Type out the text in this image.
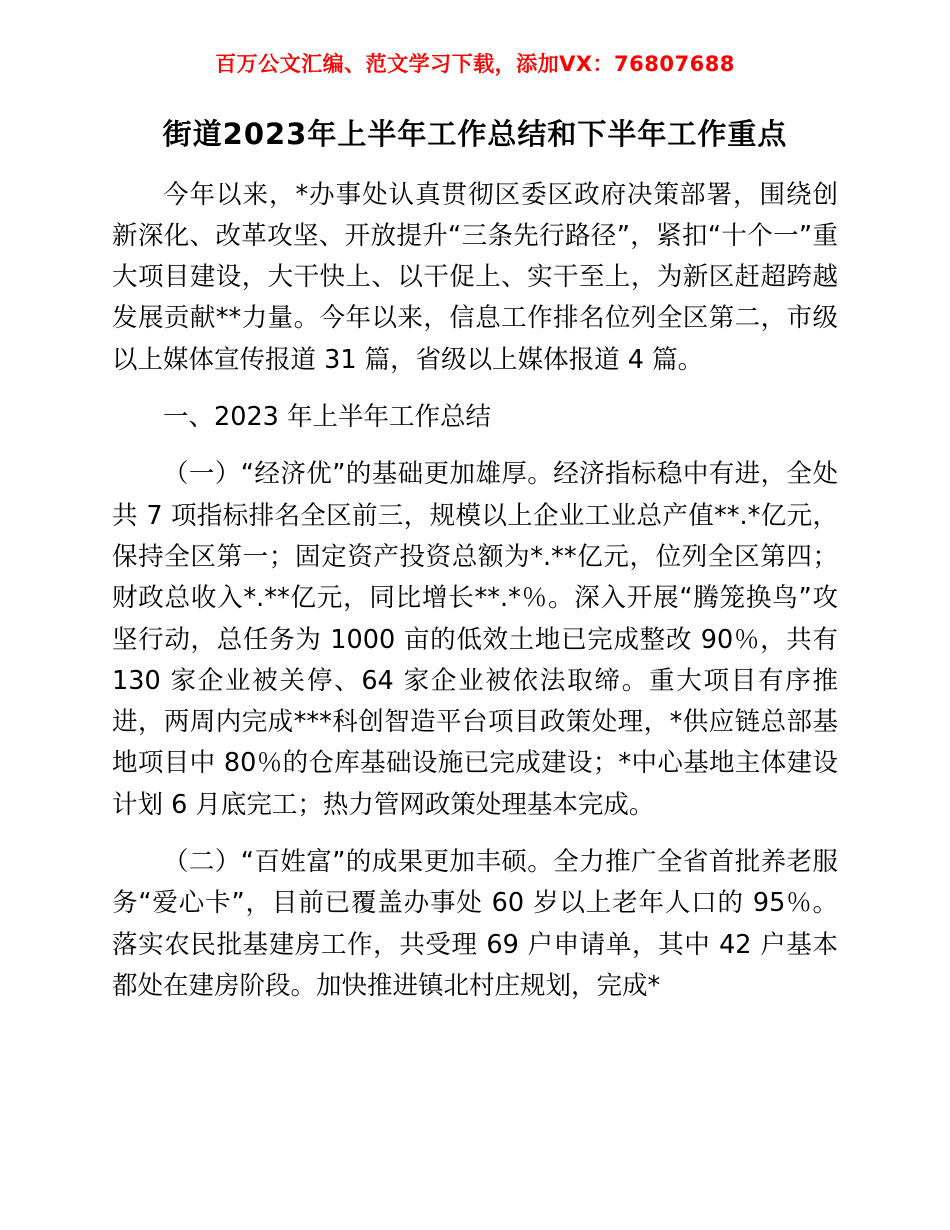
百万公文汇编、范文学习下载，添加VX：76807688
街道2023年上半年工作总结和下半年工作重点

今年以来，*办事处认真贯彻区委区政府决策部署，围绕创新深化、改革攻坚、开放提升“三条先行路径”，紧扣“十个一”重大项目建设，大干快上、以干促上、实干至上，为新区赶超跨越发展贡献**力量。今年以来，信息工作排名位列全区第二，市级以上媒体宣传报道 31 篇，省级以上媒体报道 4 篇。

一、2023 年上半年工作总结

（一）“经济优”的基础更加雄厚。经济指标稳中有进，全处共 7 项指标排名全区前三，规模以上企业工业总产值**.*亿元，保持全区第一；固定资产投资总额为*.**亿元，位列全区第四；财政总收入*.**亿元，同比增长**.*％。深入开展“腾笼换鸟”攻坚行动，总任务为 1000 亩的低效土地已完成整改 90％，共有 130 家企业被关停、64 家企业被依法取缔。重大项目有序推进，两周内完成***科创智造平台项目政策处理，*供应链总部基地项目中 80％的仓库基础设施已完成建设；*中心基地主体建设计划 6 月底完工；热力管网政策处理基本完成。

（二）“百姓富”的成果更加丰硕。全力推广全省首批养老服务“爱心卡”，目前已覆盖办事处 60 岁以上老年人口的 95％。落实农民批基建房工作，共受理 69 户申请单，其中 42 户基本都处在建房阶段。加快推进镇北村庄规划，完成*
